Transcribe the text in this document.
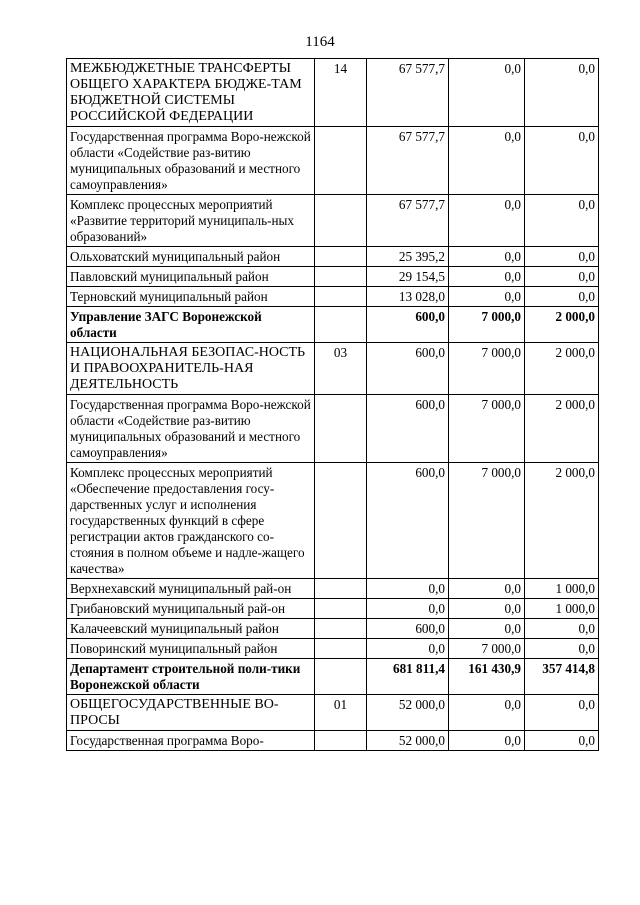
1164
МЕЖБЮДЖЕТНЫЕ ТРАНСФЕРТЫ ОБЩЕГО ХАРАКТЕРА БЮДЖЕ-ТАМ БЮДЖЕТНОЙ СИСТЕМЫ РОССИЙСКОЙ ФЕДЕРАЦИИ	14	67 577,7	0,0	0,0
Государственная программа Воро-нежской области «Содействие раз-витию муниципальных образований и местного самоуправления»		67 577,7	0,0	0,0
Комплекс процессных мероприятий «Развитие территорий муниципаль-ных образований»		67 577,7	0,0	0,0
Ольховатский муниципальный район		25 395,2	0,0	0,0
Павловский муниципальный район		29 154,5	0,0	0,0
Терновский муниципальный район		13 028,0	0,0	0,0
Управление ЗАГС Воронежской области		600,0	7 000,0	2 000,0
НАЦИОНАЛЬНАЯ БЕЗОПАС-НОСТЬ И ПРАВООХРАНИТЕЛЬ-НАЯ ДЕЯТЕЛЬНОСТЬ	03	600,0	7 000,0	2 000,0
Государственная программа Воро-нежской области «Содействие раз-витию муниципальных образований и местного самоуправления»		600,0	7 000,0	2 000,0
Комплекс процессных мероприятий «Обеспечение предоставления госу-дарственных услуг и исполнения государственных функций в сфере регистрации актов гражданского со-стояния в полном объеме и надле-жащего качества»		600,0	7 000,0	2 000,0
Верхнехавский муниципальный рай-он		0,0	0,0	1 000,0
Грибановский муниципальный рай-он		0,0	0,0	1 000,0
Калачеевский муниципальный район		600,0	0,0	0,0
Поворинский муниципальный район		0,0	7 000,0	0,0
Департамент строительной поли-тики Воронежской области		681 811,4	161 430,9	357 414,8
ОБЩЕГОСУДАРСТВЕННЫЕ ВО-ПРОСЫ	01	52 000,0	0,0	0,0
Государственная программа Воро-		52 000,0	0,0	0,0
